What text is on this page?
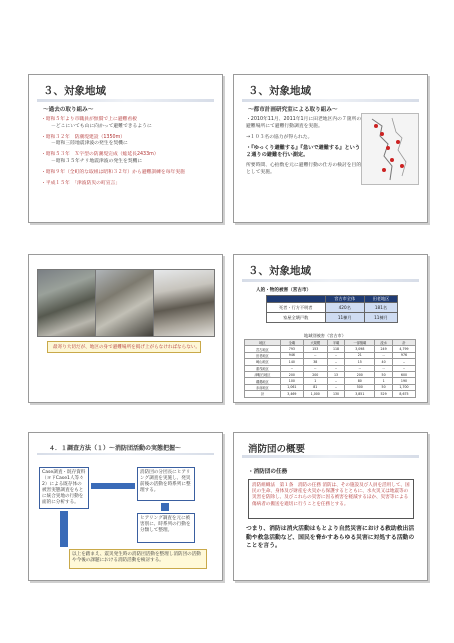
３、対象地域
～過去の取り組み～
・昭和５年より市職員が無償で上に避難看板
－どこにいても山に向かって避難できるように
・昭和３２年　防潮堤建設（1350m）
－昭和三陸地震津波の発生を契機に
・昭和５３年　Ｘ字型の防潮堤完成（総延長2433m）
－昭和３５年チリ地震津波の発生を契機に
・昭和９年（全町的な取組は昭和３２年）から避難訓練を毎年実施
・平成１５年　「津波防災の町宣言」
３、対象地域
～都市計画研究室による取り組み～
・2010年11月、2011年1月に田老地区内の７箇所の避難場所にて避難行動調査を実施。
→１０３名の協力が得られた。
・『ゆっくり避難する』『急いで避難する』という２通りの避難を行い測定。
所要時間、心拍数を元に避難行動の仕方の検討を目的として実施。
最寄り大切だが、地区の身で避難場所を掲げ上がらなければならない。
３、対象地域
人的・物的被害（宮古市）
	宮古市全体	田老地区
死者・行方不明者	420名	181名
家屋全壊戸数	11棟月	11棟月
地域別被害（宮古市）
地区	全壊	大規模	半壊	一部損壊	浸水	計
宮古地区	793	153	118	3,098	249	4,799
田老地区	946	--	--	21	--	976
崎山地区	140	38	--	15	40	--
重茂地区	--	--	--	--	--	--
津軽石地区	200	200	13	200	50	600
磯鶏地区	100	1	--	80	1	190
赤前地区	1,061	81	--	500	50	1,700
計	3,469	1,000	130	3,851	529	8,675
４．１調査方法（１）～消防団活動の実態把握～
Case調査・既存資料（ヨドCase1人等々2）による既存体の被害実態調査をもとに統合実地の行動を面的に分析する。
消防団の分団長にヒアリング調査を実施し、発災前後の活動を時系列に整理する。
ヒアリング調査を元に被害別に、時系列の行動を分類して整理。
以上を踏まえ、震災発生時の消防団活動を整理し消防団の活動や今後の課題における消防活動を検討する。
消防団の概要
・消防団の任務
消防組織法　第１条　消防の任務 消防は、その施設及び人員を活用して、国民の生命、身体及び財産を火災から保護するとともに、水火災又は地震等の災害を防除し、及びこれらの災害に因る被害を軽減するほか、災害等による傷病者の搬送を適切に行うことを任務とする。
つまり、消防は消火活動はもとより自然災害における救助救出活動や救急活動など、国民を脅かすあらゆる災害に対処する活動のことを言う。
